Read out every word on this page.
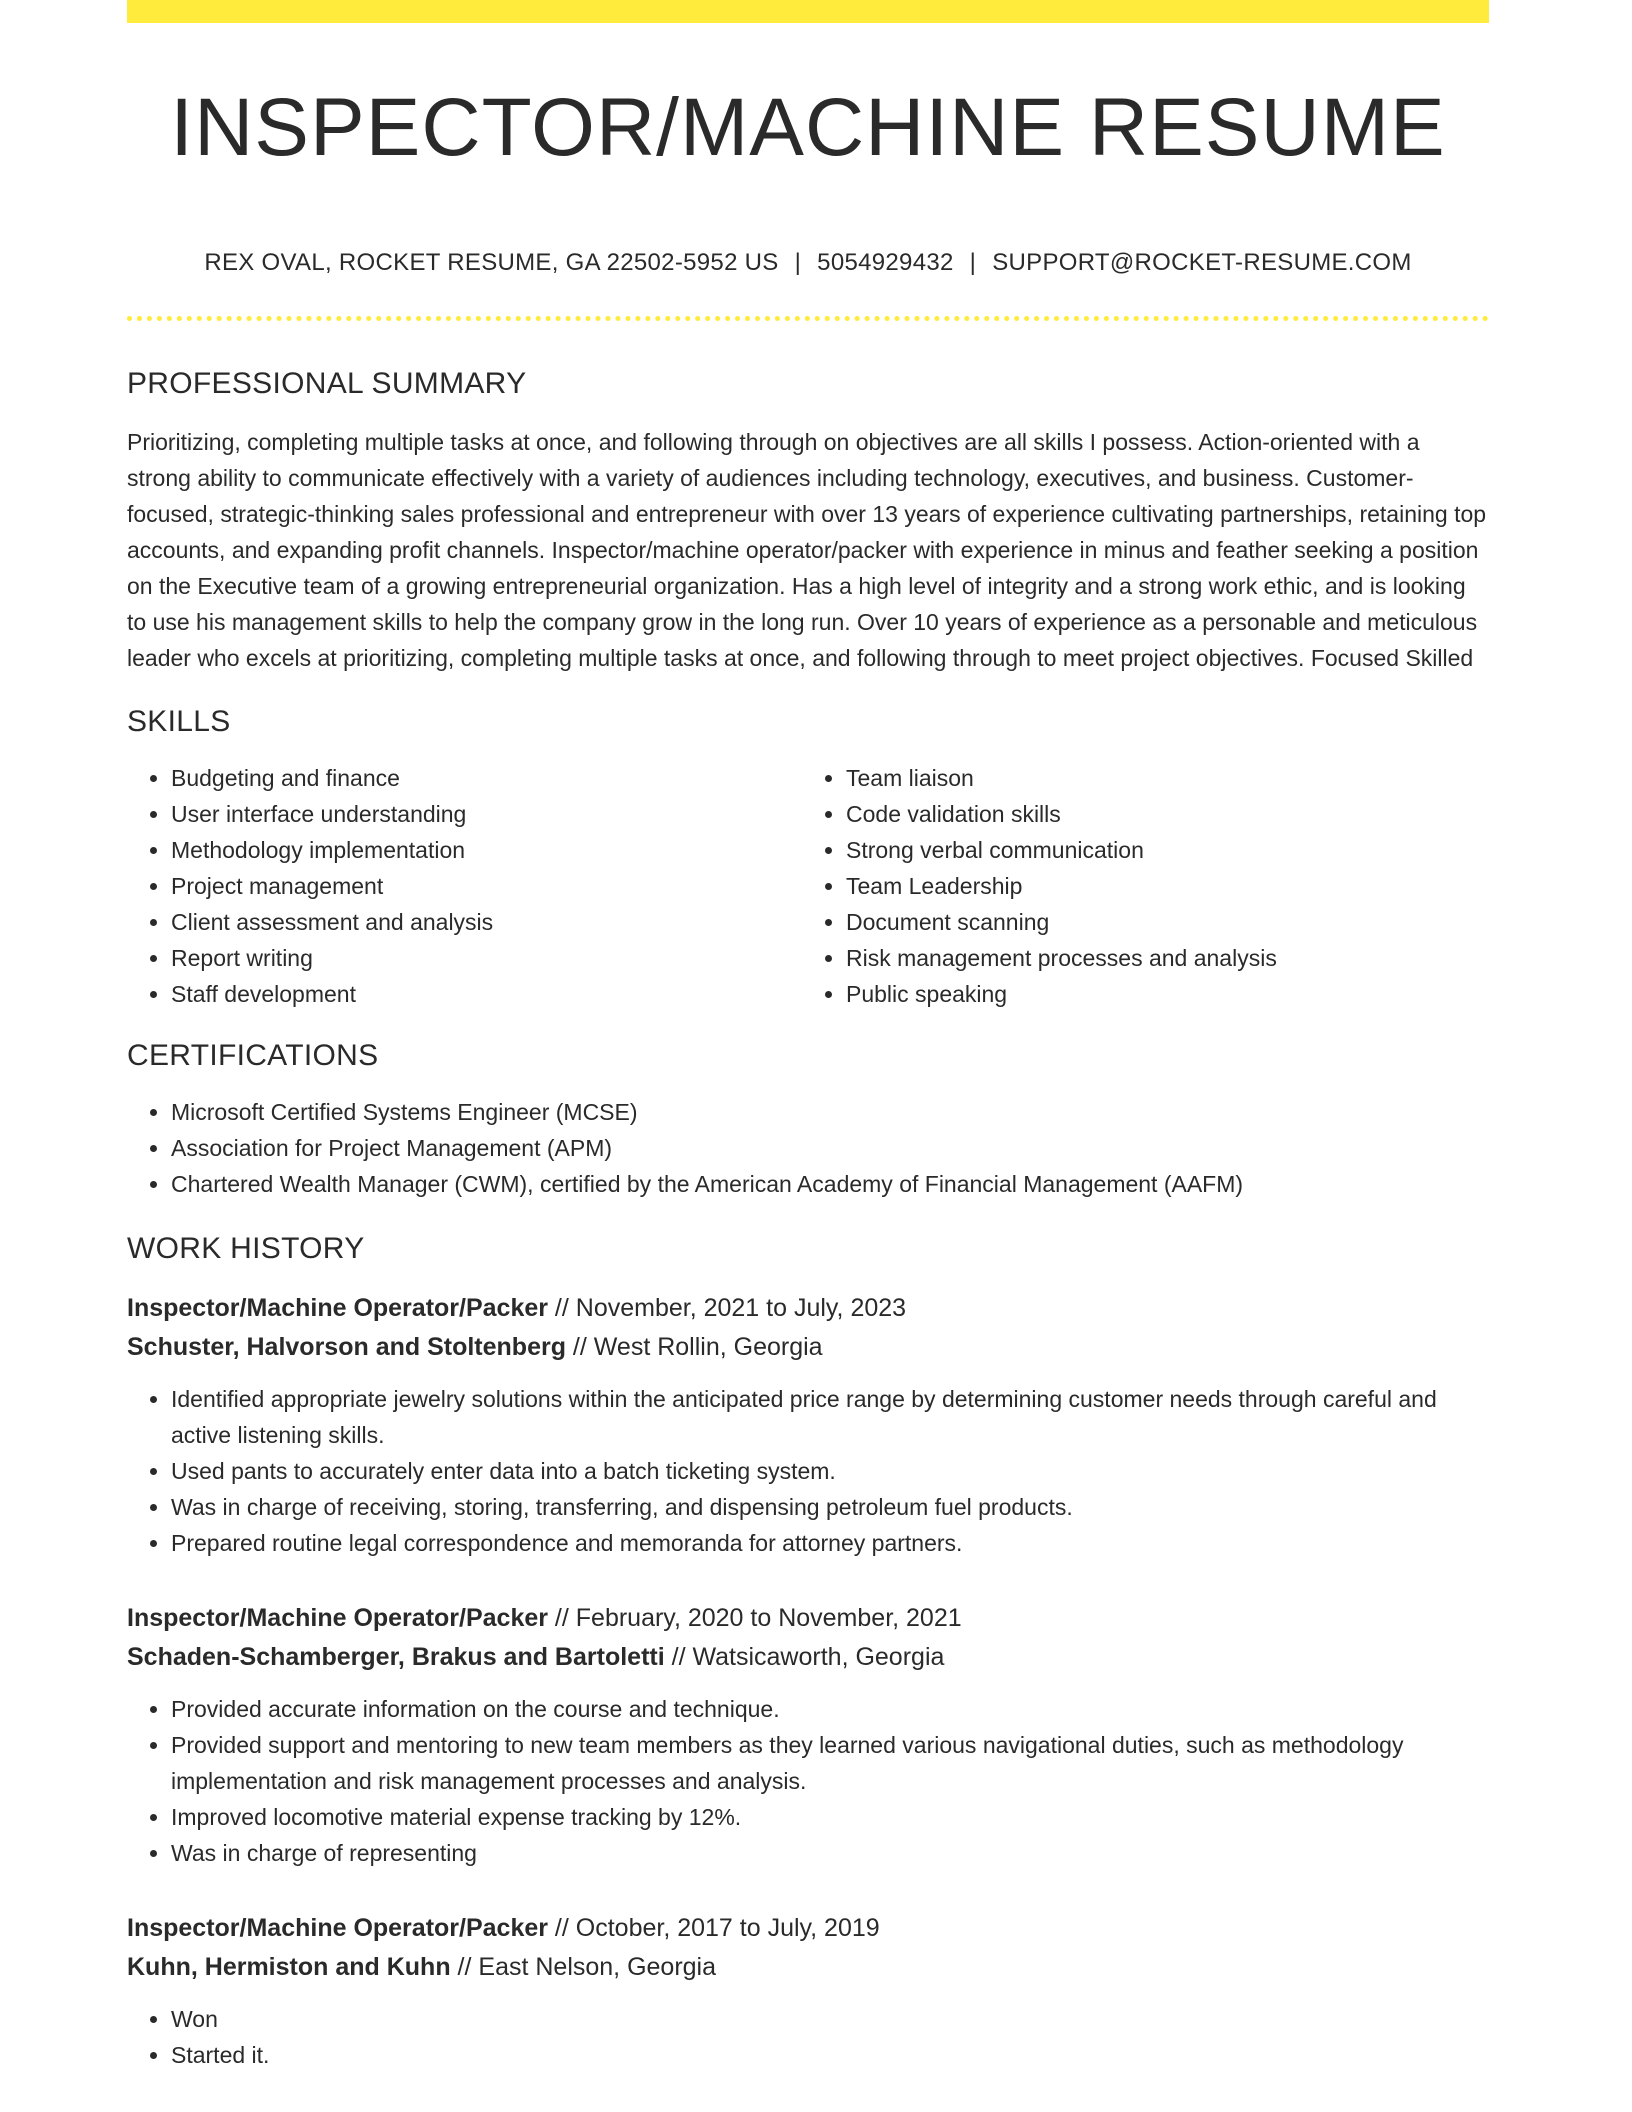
INSPECTOR/MACHINE RESUME
REX OVAL, ROCKET RESUME, GA 22502-5952 US | 5054929432 | SUPPORT@ROCKET-RESUME.COM
PROFESSIONAL SUMMARY
Prioritizing, completing multiple tasks at once, and following through on objectives are all skills I possess. Action-oriented with a strong ability to communicate effectively with a variety of audiences including technology, executives, and business. Customer-focused, strategic-thinking sales professional and entrepreneur with over 13 years of experience cultivating partnerships, retaining top accounts, and expanding profit channels. Inspector/machine operator/packer with experience in minus and feather seeking a position on the Executive team of a growing entrepreneurial organization. Has a high level of integrity and a strong work ethic, and is looking to use his management skills to help the company grow in the long run. Over 10 years of experience as a personable and meticulous leader who excels at prioritizing, completing multiple tasks at once, and following through to meet project objectives. Focused Skilled
SKILLS
• Budgeting and finance
• User interface understanding
• Methodology implementation
• Project management
• Client assessment and analysis
• Report writing
• Staff development
• Team liaison
• Code validation skills
• Strong verbal communication
• Team Leadership
• Document scanning
• Risk management processes and analysis
• Public speaking
CERTIFICATIONS
• Microsoft Certified Systems Engineer (MCSE)
• Association for Project Management (APM)
• Chartered Wealth Manager (CWM), certified by the American Academy of Financial Management (AAFM)
WORK HISTORY
Inspector/Machine Operator/Packer // November, 2021 to July, 2023
Schuster, Halvorson and Stoltenberg // West Rollin, Georgia
• Identified appropriate jewelry solutions within the anticipated price range by determining customer needs through careful and active listening skills.
• Used pants to accurately enter data into a batch ticketing system.
• Was in charge of receiving, storing, transferring, and dispensing petroleum fuel products.
• Prepared routine legal correspondence and memoranda for attorney partners.
Inspector/Machine Operator/Packer // February, 2020 to November, 2021
Schaden-Schamberger, Brakus and Bartoletti // Watsicaworth, Georgia
• Provided accurate information on the course and technique.
• Provided support and mentoring to new team members as they learned various navigational duties, such as methodology implementation and risk management processes and analysis.
• Improved locomotive material expense tracking by 12%.
• Was in charge of representing
Inspector/Machine Operator/Packer // October, 2017 to July, 2019
Kuhn, Hermiston and Kuhn // East Nelson, Georgia
• Won
• Started it.
